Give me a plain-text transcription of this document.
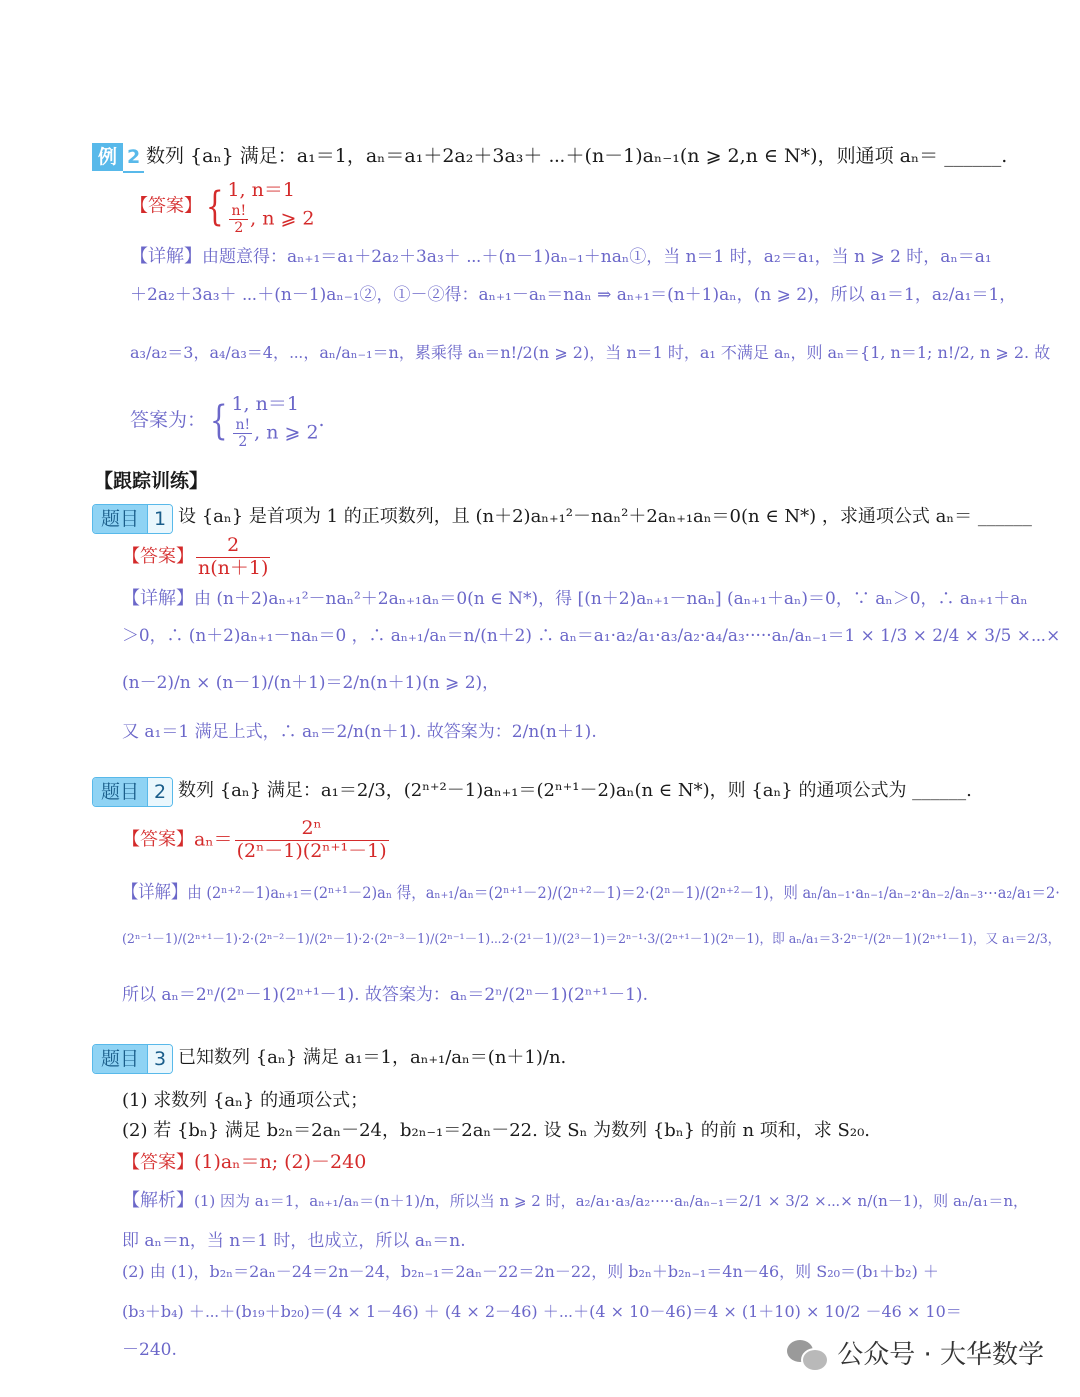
例 2 数列 {aₙ} 满足：a₁＝1，aₙ＝a₁＋2a₂＋3a₃＋ ⋯＋(n－1)aₙ₋₁(n ⩾ 2,n ∈ N*)，则通项 aₙ＝ ______.
【答案】{ 1, n＝1
$\frac{n!}{2}$ , n ⩾ 2
【详解】由题意得：aₙ₊₁＝a₁＋2a₂＋3a₃＋ ⋯＋(n－1)aₙ₋₁＋naₙ①，当 n＝1 时，a₂＝a₁，当 n ⩾ 2 时，aₙ＝a₁
＋2a₂＋3a₃＋ ⋯＋(n－1)aₙ₋₁②，①－②得：aₙ₊₁－aₙ＝naₙ ⇒ aₙ₊₁＝(n＋1)aₙ，(n ⩾ 2)，所以 a₁＝1，a₂/a₁＝1，
a₃/a₂＝3，a₄/a₃＝4，⋯，aₙ/aₙ₋₁＝n，累乘得 aₙ＝n!/2(n ⩾ 2)，当 n＝1 时，a₁ 不满足 aₙ，则 aₙ＝{1, n＝1; n!/2, n ⩾ 2. 故
答案为：{ 1, n＝1
$\frac{n!}{2}$ , n ⩾ 2
.
【跟踪训练】
题目 1 设 {aₙ} 是首项为 1 的正项数列，且 (n＋2)aₙ₊₁²－naₙ²＋2aₙ₊₁aₙ＝0(n ∈ N*) ，求通项公式 aₙ＝ ______
【答案】 $\frac{2}{n(n+1)}$
【详解】由 (n＋2)aₙ₊₁²－naₙ²＋2aₙ₊₁aₙ＝0(n ∈ N*)，得 [(n＋2)aₙ₊₁－naₙ] (aₙ₊₁＋aₙ)＝0，∵ aₙ＞0，∴ aₙ₊₁＋aₙ
＞0，∴ (n＋2)aₙ₊₁－naₙ＝0 ，∴ aₙ₊₁/aₙ＝n/(n＋2) ∴ aₙ＝a₁·a₂/a₁·a₃/a₂·a₄/a₃·····aₙ/aₙ₋₁＝1 × 1/3 × 2/4 × 3/5 ×⋯×
(n－2)/n × (n－1)/(n＋1)＝2/n(n＋1)(n ⩾ 2)，
又 a₁＝1 满足上式，∴ aₙ＝2/n(n＋1). 故答案为：2/n(n＋1).
题目 2 数列 {aₙ} 满足：a₁＝2/3，(2ⁿ⁺²－1)aₙ₊₁＝(2ⁿ⁺¹－2)aₙ(n ∈ N*)，则 {aₙ} 的通项公式为 ______.
【答案】$a_n= \frac{\text{2ⁿ}}{\text{(2ⁿ－1)(2ⁿ⁺¹－1)}}$
【详解】由 (2ⁿ⁺²－1)aₙ₊₁＝(2ⁿ⁺¹－2)aₙ 得，aₙ₊₁/aₙ＝(2ⁿ⁺¹－2)/(2ⁿ⁺²－1)＝2·(2ⁿ－1)/(2ⁿ⁺²－1)，则 aₙ/aₙ₋₁·aₙ₋₁/aₙ₋₂·aₙ₋₂/aₙ₋₃⋯a₂/a₁＝2·
(2ⁿ⁻¹－1)/(2ⁿ⁺¹－1)·2·(2ⁿ⁻²－1)/(2ⁿ－1)·2·(2ⁿ⁻³－1)/(2ⁿ⁻¹－1)⋯2·(2¹－1)/(2³－1)＝2ⁿ⁻¹·3/(2ⁿ⁺¹－1)(2ⁿ－1)，即 aₙ/a₁＝3·2ⁿ⁻¹/(2ⁿ－1)(2ⁿ⁺¹－1)，又 a₁＝2/3，
所以 aₙ＝2ⁿ/(2ⁿ－1)(2ⁿ⁺¹－1). 故答案为：aₙ＝2ⁿ/(2ⁿ－1)(2ⁿ⁺¹－1).
题目 3 已知数列 {aₙ} 满足 a₁＝1，aₙ₊₁/aₙ＝(n＋1)/n.
(1) 求数列 {aₙ} 的通项公式；
(2) 若 {bₙ} 满足 b₂ₙ＝2aₙ－24，b₂ₙ₋₁＝2aₙ－22. 设 Sₙ 为数列 {bₙ} 的前 n 项和，求 S₂₀.
【答案】(1)aₙ＝n; (2)－240
【解析】(1) 因为 a₁＝1，aₙ₊₁/aₙ＝(n＋1)/n，所以当 n ⩾ 2 时，a₂/a₁·a₃/a₂·····aₙ/aₙ₋₁＝2/1 × 3/2 ×⋯× n/(n－1)，则 aₙ/a₁＝n，
即 aₙ＝n，当 n＝1 时，也成立，所以 aₙ＝n.
(2) 由 (1)，b₂ₙ＝2aₙ－24＝2n－24，b₂ₙ₋₁＝2aₙ－22＝2n－22，则 b₂ₙ＋b₂ₙ₋₁＝4n－46，则 S₂₀＝(b₁＋b₂) ＋
(b₃＋b₄) ＋⋯＋(b₁₉＋b₂₀)＝(4 × 1－46) ＋ (4 × 2－46) ＋⋯＋(4 × 10－46)＝4 × (1＋10) × 10/2 －46 × 10＝
－240.	公众号 · 大华数学
